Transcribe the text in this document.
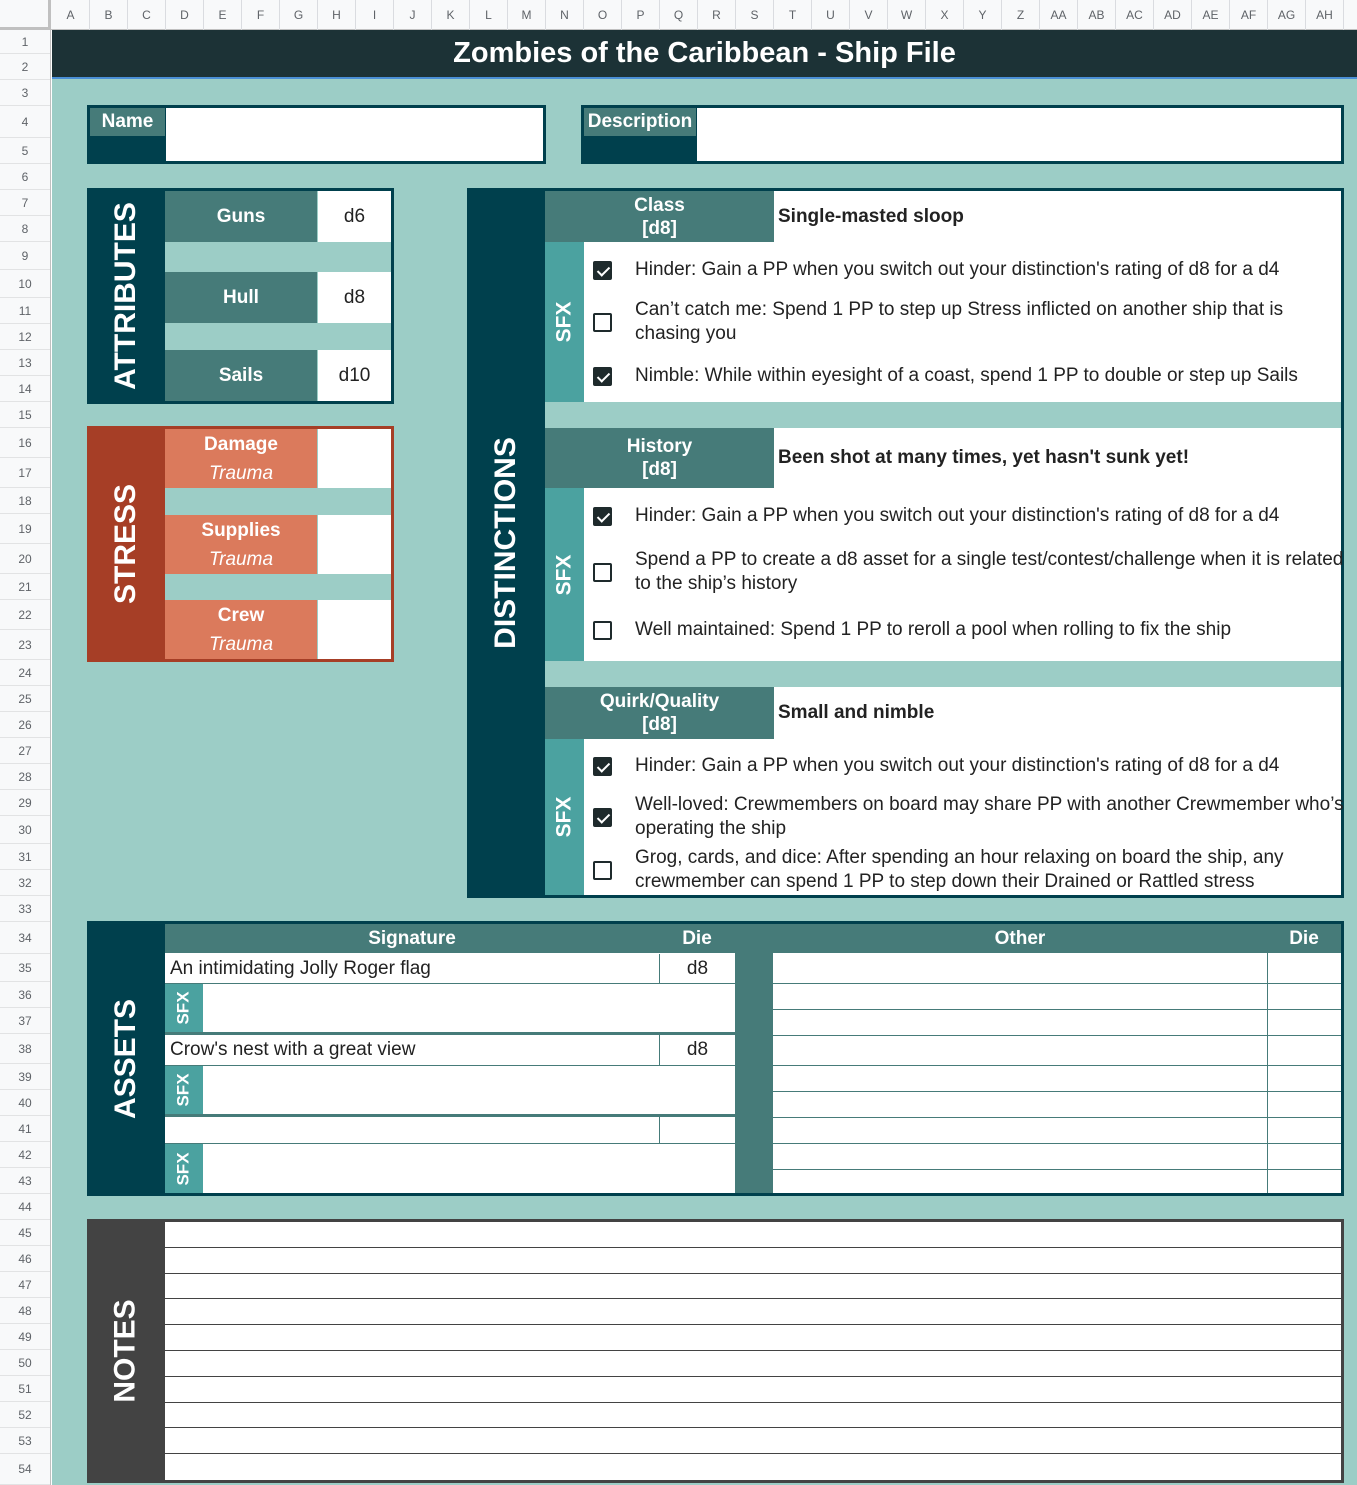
A	B	C	D	E	F	G	H	I	J	K	L	M	N	O	P	Q	R	S	T	U	V	W	X	Y	Z	AA	AB	AC	AD	AE	AF	AG	AH
1
2
3
4
5
6
7
8
9
10
11
12
13
14
15
16
17
18
19
20
21
22
23
24
25
26
27
28
29
30
31
32
33
34
35
36
37
38
39
40
41
42
43
44
45
46
47
48
49
50
51
52
53
54
Zombies of the Caribbean - Ship File
Name	Description
ATTRIBUTES	Guns	d6
Hull	d8
Sails	d10
STRESS
Damage
Trauma
Supplies
Trauma
Crew
Trauma	DISTINCTIONS
Class
[d8]
Single-masted sloop
SFX
Hinder: Gain a PP when you switch out your distinction's rating of d8 for a d4
Can’t catch me: Spend 1 PP to step up Stress inflicted on another ship that is chasing you
Nimble: While within eyesight of a coast, spend 1 PP to double or step up Sails
History
[d8]
Been shot at many times, yet hasn't sunk yet!
SFX
Hinder: Gain a PP when you switch out your distinction's rating of d8 for a d4
Spend a PP to create a d8 asset for a single test/contest/challenge when it is related to the ship’s history
Well maintained: Spend 1 PP to reroll a pool when rolling to fix the ship
Quirk/Quality
[d8]
Small and nimble
SFX
Hinder: Gain a PP when you switch out your distinction's rating of d8 for a d4
Well-loved: Crewmembers on board may share PP with another Crewmember who’s operating the ship
Grog, cards, and dice: After spending an hour relaxing on board the ship, any crewmember can spend 1 PP to step down their Drained or Rattled stress
ASSETS
Signature	Die	Other	Die
An intimidating Jolly Roger flag	d8
SFX
Crow's nest with a great view	d8
SFX
SFX
NOTES
